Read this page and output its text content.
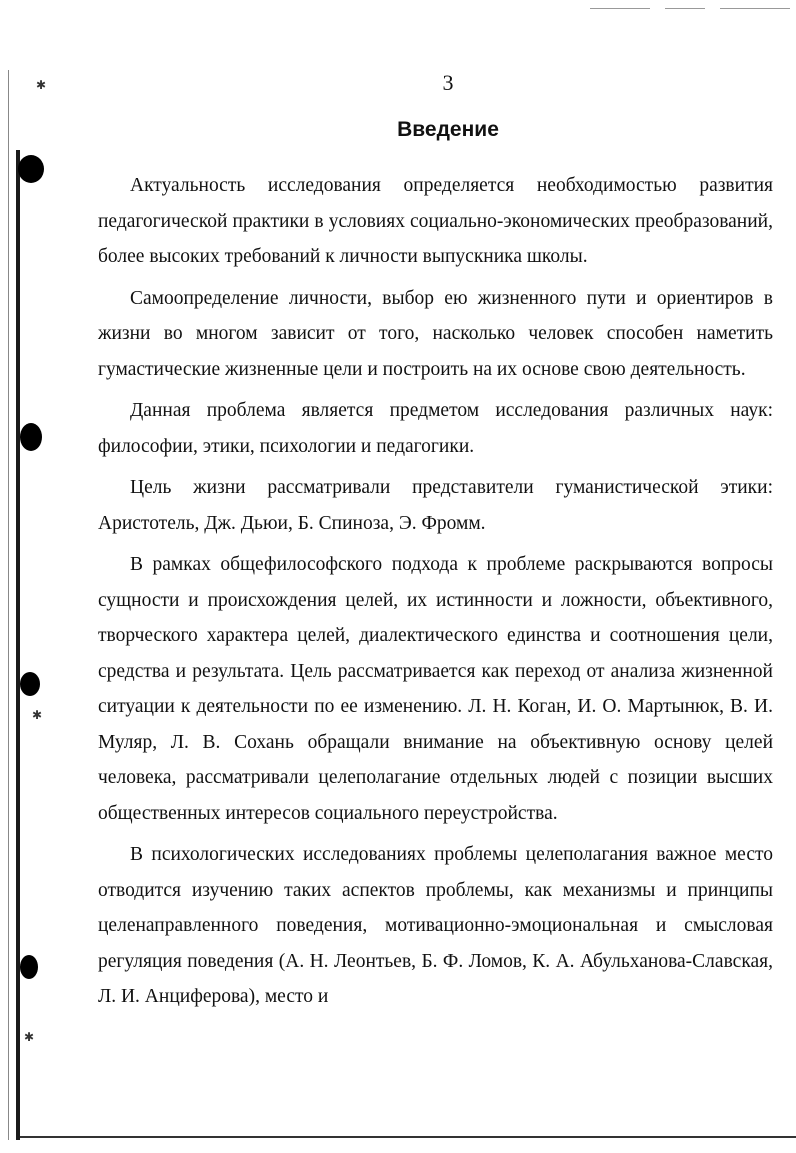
✱
✱
✱
3
Введение

Актуальность исследования определяется необходимостью развития педагогической практики в условиях социально-экономических преобразований, более высоких требований к личности выпускника школы.

Самоопределение личности, выбор ею жизненного пути и ориентиров в жизни во многом зависит от того, насколько человек способен наметить гумастические жизненные цели и построить на их основе свою деятельность.

Данная проблема является предметом исследования различных наук: философии, этики, психологии и педагогики.

Цель жизни рассматривали представители гуманистической этики: Аристотель, Дж. Дьюи, Б. Спиноза, Э. Фромм.

В рамках общефилософского подхода к проблеме раскрываются вопросы сущности и происхождения целей, их истинности и ложности, объективного, творческого характера целей, диалектического единства и соотношения цели, средства и результата. Цель рассматривается как переход от анализа жизненной ситуации к деятельности по ее изменению. Л. Н. Коган, И. О. Мартынюк, В. И. Муляр, Л. В. Сохань обращали внимание на объективную основу целей человека, рассматривали целеполагание отдельных людей с позиции высших общественных интересов социального переустройства.

В психологических исследованиях проблемы целеполагания важное место отводится изучению таких аспектов проблемы, как механизмы и принципы целенаправленного поведения, мотивационно-эмоциональная и смысловая регуляция поведения (А. Н. Леонтьев, Б. Ф. Ломов, К. А. Абульханова-Славская, Л. И. Анциферова), место и
